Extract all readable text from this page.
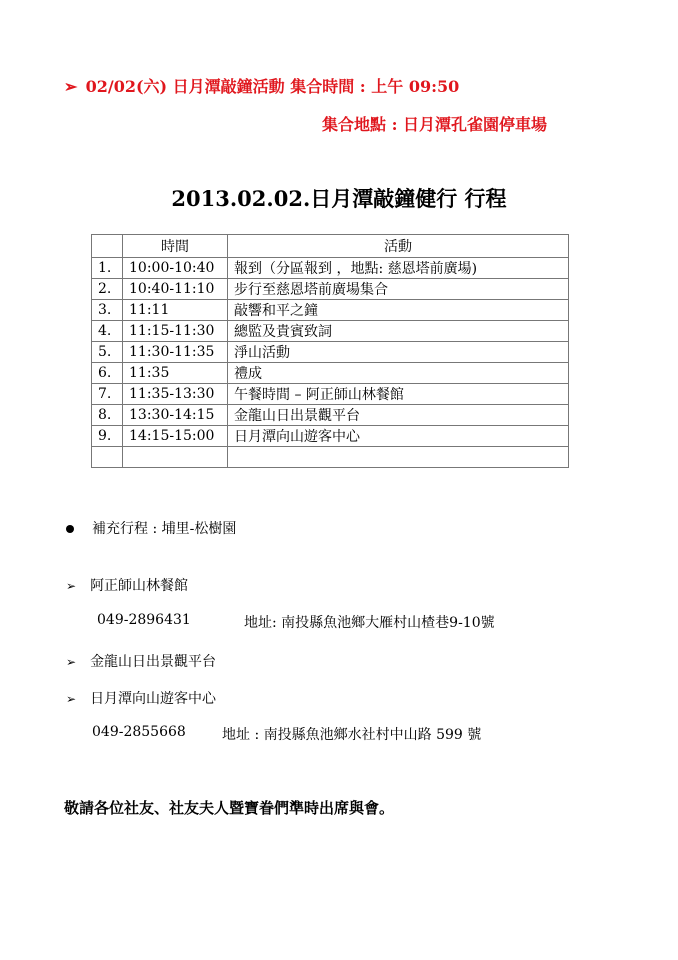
➢ 02/02(六) 日月潭敲鐘活動 集合時間 : 上午 09:50
集合地點 : 日月潭孔雀園停車場
2013.02.02.日月潭敲鐘健行 行程
	時間	活動
1.	10:00-10:40	報到（分區報到 ，地點: 慈恩塔前廣場)
2.	10:40-11:10	步行至慈恩塔前廣場集合
3.	11:11	敲響和平之鐘
4.	11:15-11:30	總監及貴賓致詞
5.	11:30-11:35	淨山活動
6.	11:35	禮成
7.	11:35-13:30	午餐時間 – 阿正師山林餐館
8.	13:30-14:15	金龍山日出景觀平台
9.	14:15-15:00	日月潭向山遊客中心

補充行程 : 埔里-松樹園
➢ 阿正師山林餐館
049-2896431	地址: 南投縣魚池鄉大雁村山楂巷9-10號
➢ 金龍山日出景觀平台
➢ 日月潭向山遊客中心
049-2855668	地址 : 南投縣魚池鄉水社村中山路 599 號
敬請各位社友、社友夫人暨寶眷們準時出席與會。
